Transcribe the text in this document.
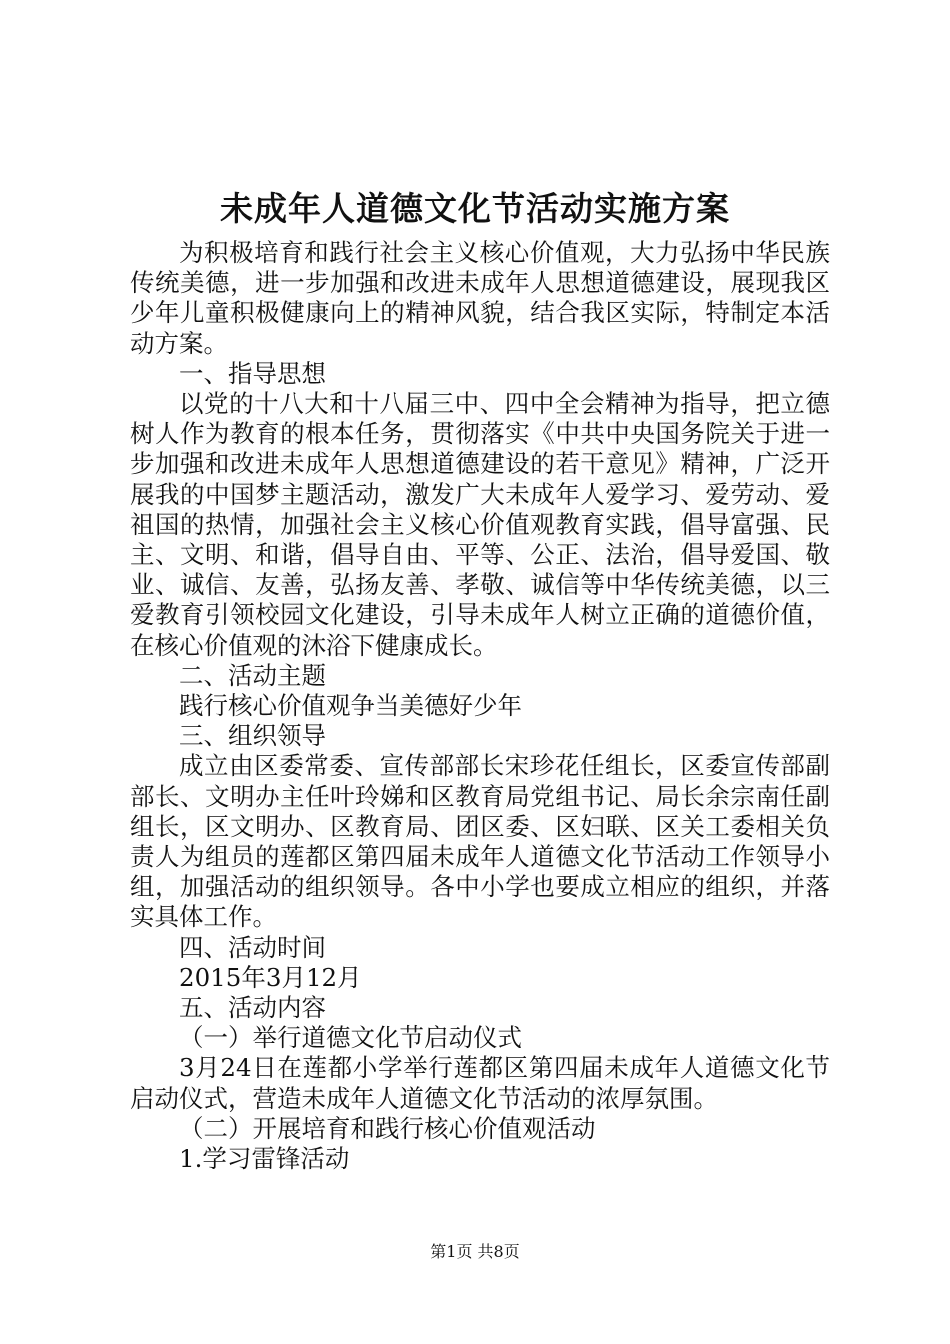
未成年人道德文化节活动实施方案

为积极培育和践行社会主义核心价值观，大力弘扬中华民族传统美德，进一步加强和改进未成年人思想道德建设，展现我区少年儿童积极健康向上的精神风貌，结合我区实际，特制定本活动方案。

一、指导思想

以党的十八大和十八届三中、四中全会精神为指导，把立德树人作为教育的根本任务，贯彻落实《中共中央国务院关于进一步加强和改进未成年人思想道德建设的若干意见》精神，广泛开展我的中国梦主题活动，激发广大未成年人爱学习、爱劳动、爱祖国的热情，加强社会主义核心价值观教育实践，倡导富强、民主、文明、和谐，倡导自由、平等、公正、法治，倡导爱国、敬业、诚信、友善，弘扬友善、孝敬、诚信等中华传统美德，以三爱教育引领校园文化建设，引导未成年人树立正确的道德价值，在核心价值观的沐浴下健康成长。

二、活动主题

践行核心价值观争当美德好少年

三、组织领导

成立由区委常委、宣传部部长宋珍花任组长，区委宣传部副部长、文明办主任叶玲娣和区教育局党组书记、局长余宗南任副组长，区文明办、区教育局、团区委、区妇联、区关工委相关负责人为组员的莲都区第四届未成年人道德文化节活动工作领导小组，加强活动的组织领导。各中小学也要成立相应的组织，并落实具体工作。

四、活动时间

2015年3月12月

五、活动内容

（一）举行道德文化节启动仪式

3月24日在莲都小学举行莲都区第四届未成年人道德文化节启动仪式，营造未成年人道德文化节活动的浓厚氛围。

（二）开展培育和践行核心价值观活动

1.学习雷锋活动

第1页 共8页
